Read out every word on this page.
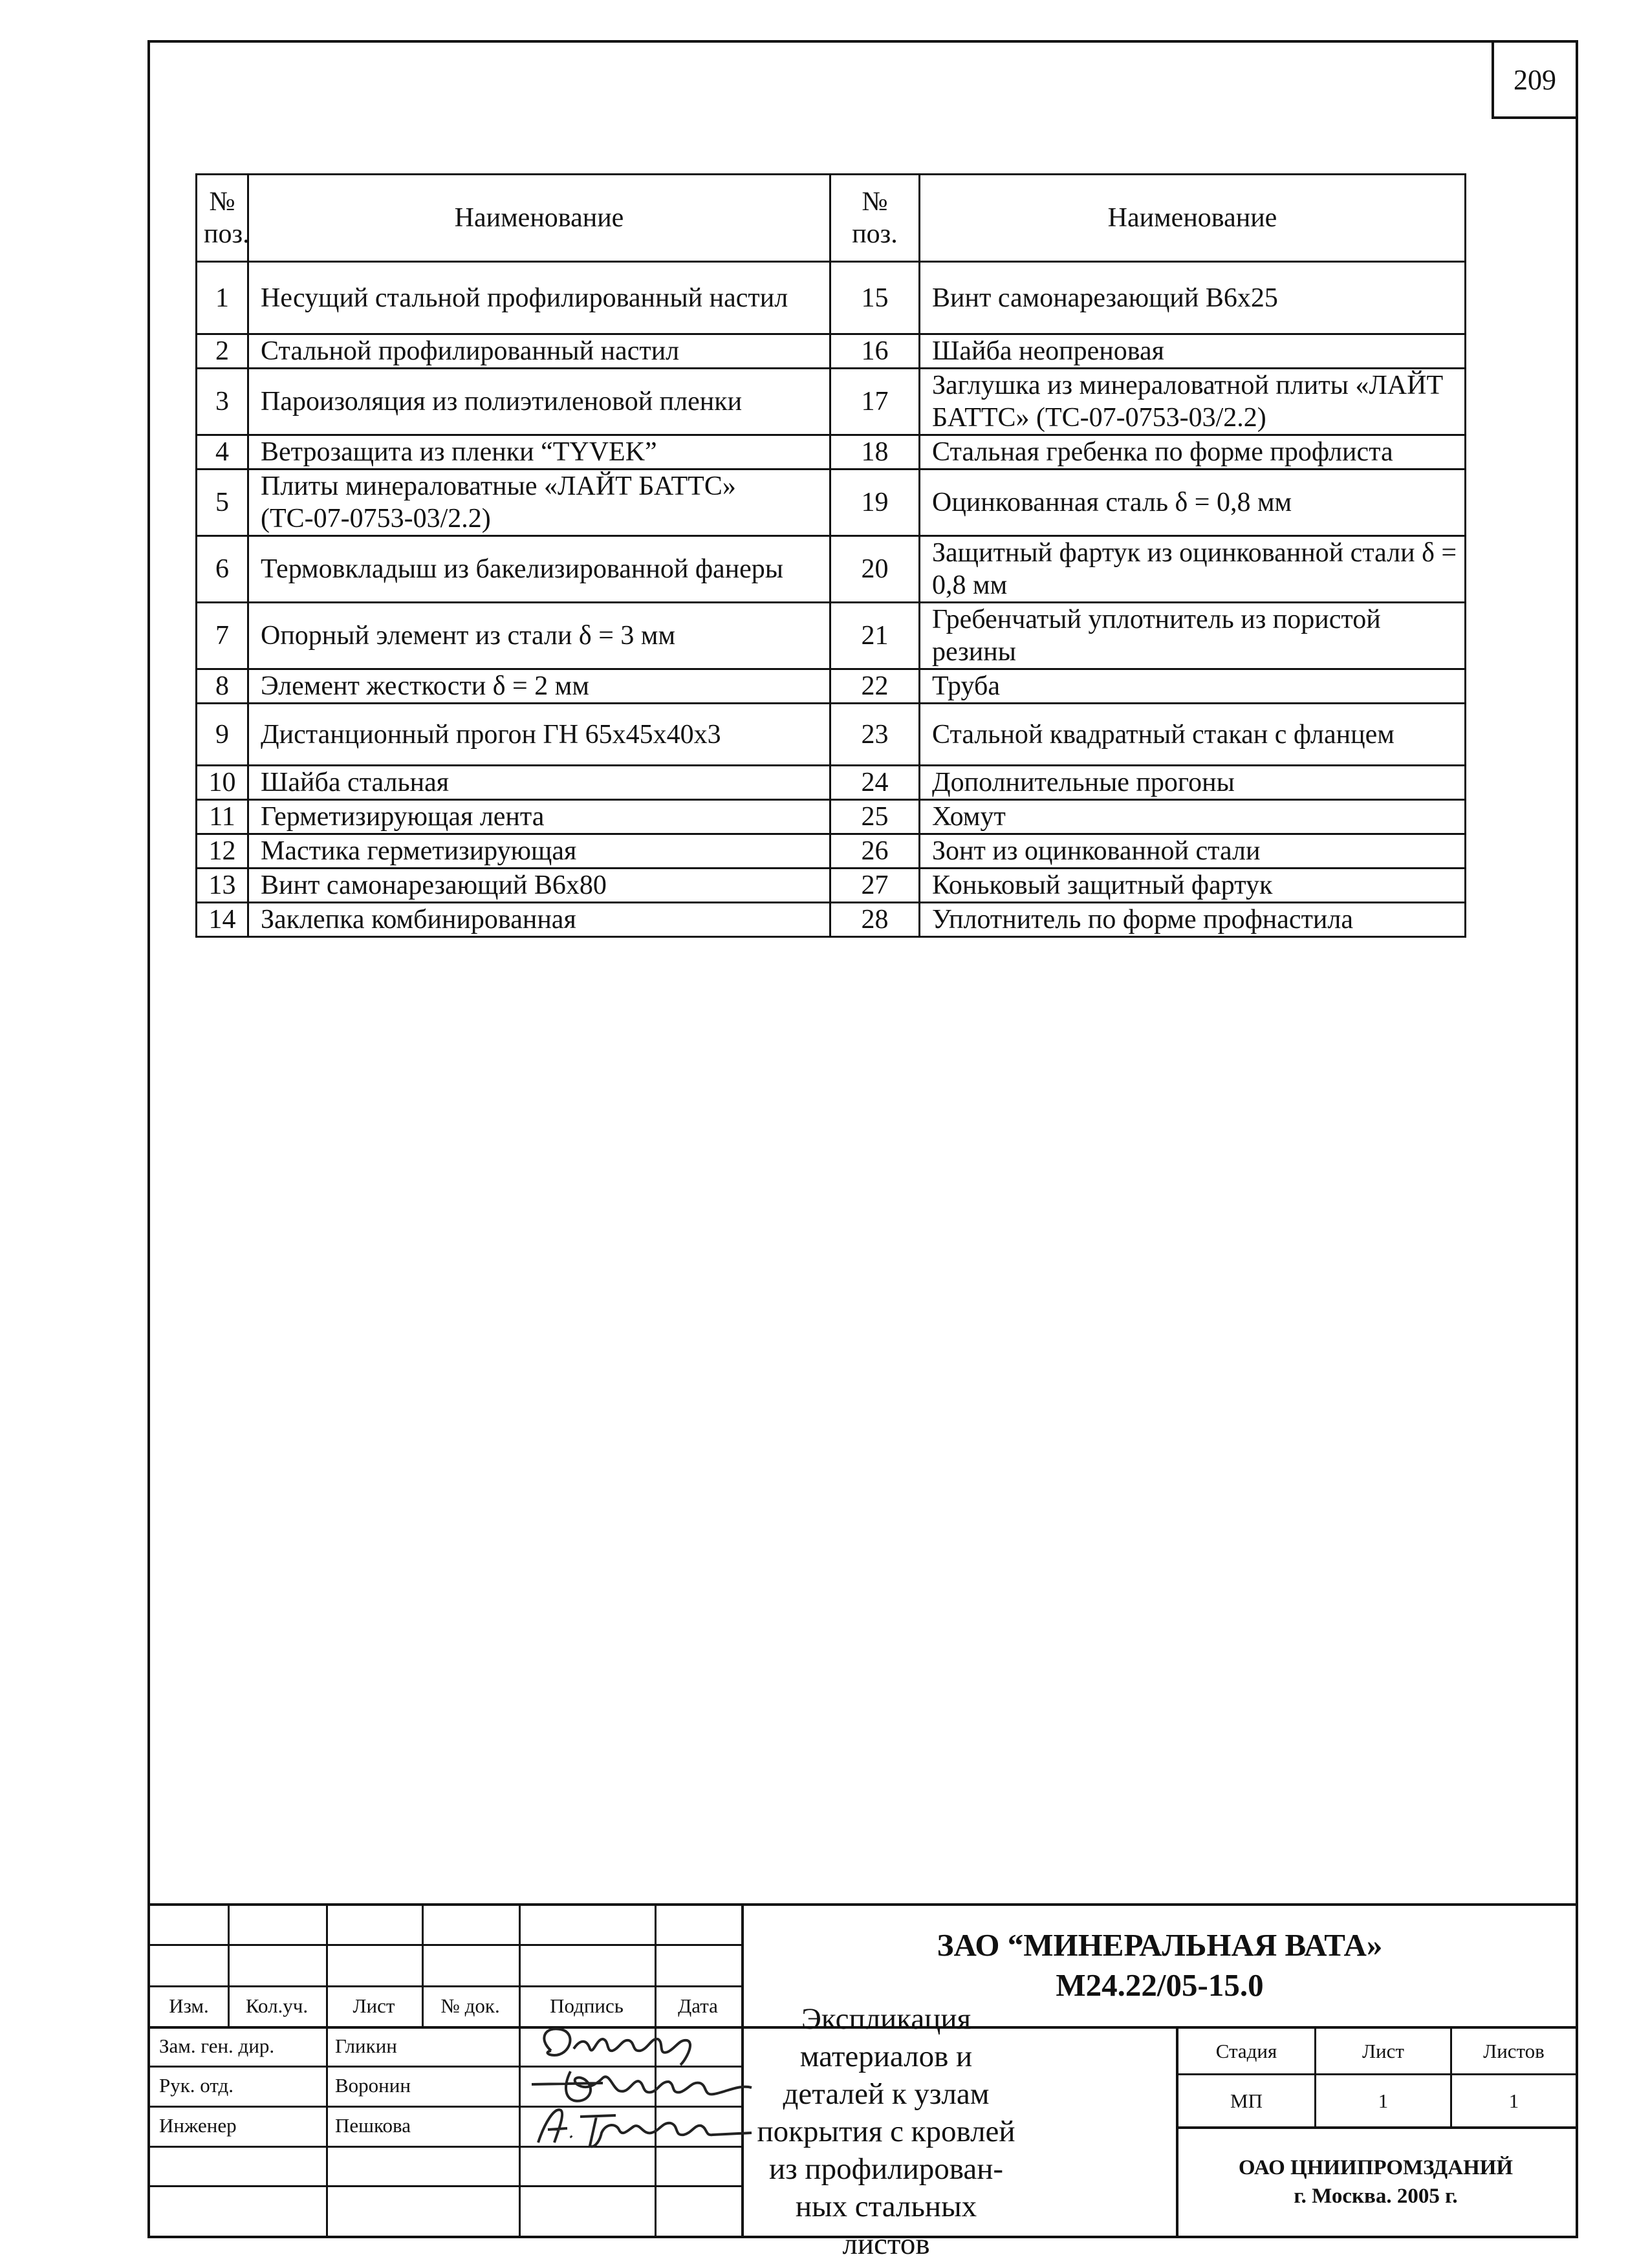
209
№ поз.	Наименование	№ поз.	Наименование
1	Несущий стальной профилированный настил	15	Винт самонарезающий В6х25
2	Стальной профилированный настил	16	Шайба неопреновая
3	Пароизоляция из полиэтиленовой пленки	17	Заглушка из минераловатной плиты «ЛАЙТ БАТТС» (ТС-07-0753-03/2.2)
4	Ветрозащита из пленки “TYVEK”	18	Стальная гребенка по форме профлиста
5	Плиты минераловатные «ЛАЙТ БАТТС» (ТС-07-0753-03/2.2)	19	Оцинкованная сталь δ = 0,8 мм
6	Термовкладыш из бакелизированной фанеры	20	Защитный фартук из оцинкованной стали δ = 0,8 мм
7	Опорный элемент из стали δ = 3 мм	21	Гребенчатый уплотнитель из пористой резины
8	Элемент жесткости δ = 2 мм	22	Труба
9	Дистанционный прогон ГН 65х45х40х3	23	Стальной квадратный стакан с фланцем
10	Шайба стальная	24	Дополнительные прогоны
11	Герметизирующая лента	25	Хомут
12	Мастика герметизирующая	26	Зонт из оцинкованной стали
13	Винт самонарезающий В6х80	27	Коньковый защитный фартук
14	Заклепка комбинированная	28	Уплотнитель по форме профнастила
Изм.	Кол.уч.	Лист	№ док.	Подпись	Дата
Зам. ген. дир.	Гликин
Рук. отд.	Воронин
Инженер	Пешкова
ЗАО “МИНЕРАЛЬНАЯ ВАТА»
М24.22/05-15.0
Экспликация материалов и деталей к узлам покрытия с кровлей из профилирован-ных стальных листов
Стадия	Лист	Листов
МП	1	1
ОАО ЦНИИПРОМЗДАНИЙ
г. Москва. 2005 г.
